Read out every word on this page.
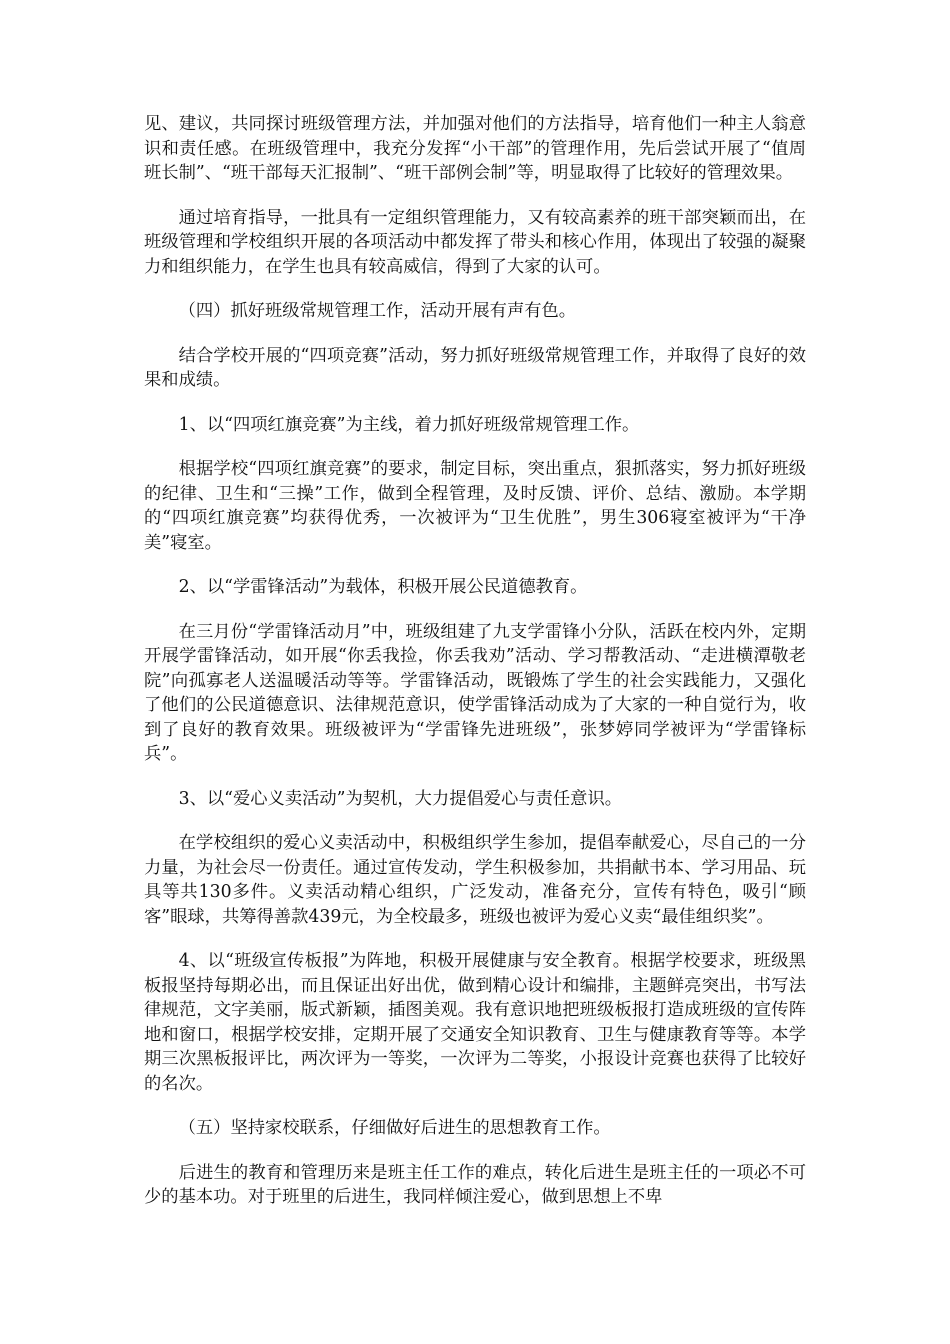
见、建议，共同探讨班级管理方法，并加强对他们的方法指导，培育他们一种主人翁意识和责任感。在班级管理中，我充分发挥“小干部”的管理作用，先后尝试开展了“值周班长制”、“班干部每天汇报制”、“班干部例会制”等，明显取得了比较好的管理效果。

通过培育指导，一批具有一定组织管理能力，又有较高素养的班干部突颖而出，在班级管理和学校组织开展的各项活动中都发挥了带头和核心作用，体现出了较强的凝聚力和组织能力，在学生也具有较高威信，得到了大家的认可。

（四）抓好班级常规管理工作，活动开展有声有色。

结合学校开展的“四项竞赛”活动，努力抓好班级常规管理工作，并取得了良好的效果和成绩。

1、以“四项红旗竞赛”为主线，着力抓好班级常规管理工作。

根据学校“四项红旗竞赛”的要求，制定目标，突出重点，狠抓落实，努力抓好班级的纪律、卫生和“三操”工作，做到全程管理，及时反馈、评价、总结、激励。本学期的“四项红旗竞赛”均获得优秀，一次被评为“卫生优胜”，男生306寝室被评为“干净美”寝室。

2、以“学雷锋活动”为载体，积极开展公民道德教育。

在三月份“学雷锋活动月”中，班级组建了九支学雷锋小分队，活跃在校内外，定期开展学雷锋活动，如开展“你丢我捡，你丢我劝”活动、学习帮教活动、“走进横潭敬老院”向孤寡老人送温暖活动等等。学雷锋活动，既锻炼了学生的社会实践能力，又强化了他们的公民道德意识、法律规范意识，使学雷锋活动成为了大家的一种自觉行为，收到了良好的教育效果。班级被评为“学雷锋先进班级”，张梦婷同学被评为“学雷锋标兵”。

3、以“爱心义卖活动”为契机，大力提倡爱心与责任意识。

在学校组织的爱心义卖活动中，积极组织学生参加，提倡奉献爱心，尽自己的一分力量，为社会尽一份责任。通过宣传发动，学生积极参加，共捐献书本、学习用品、玩具等共130多件。义卖活动精心组织，广泛发动，准备充分，宣传有特色，吸引“顾客”眼球，共筹得善款439元，为全校最多，班级也被评为爱心义卖“最佳组织奖”。

4、以“班级宣传板报”为阵地，积极开展健康与安全教育。根据学校要求，班级黑板报坚持每期必出，而且保证出好出优，做到精心设计和编排，主题鲜亮突出，书写法律规范，文字美丽，版式新颖，插图美观。我有意识地把班级板报打造成班级的宣传阵地和窗口，根据学校安排，定期开展了交通安全知识教育、卫生与健康教育等等。本学期三次黑板报评比，两次评为一等奖，一次评为二等奖，小报设计竞赛也获得了比较好的名次。

（五）坚持家校联系，仔细做好后进生的思想教育工作。

后进生的教育和管理历来是班主任工作的难点，转化后进生是班主任的一项必不可少的基本功。对于班里的后进生，我同样倾注爱心，做到思想上不卑
